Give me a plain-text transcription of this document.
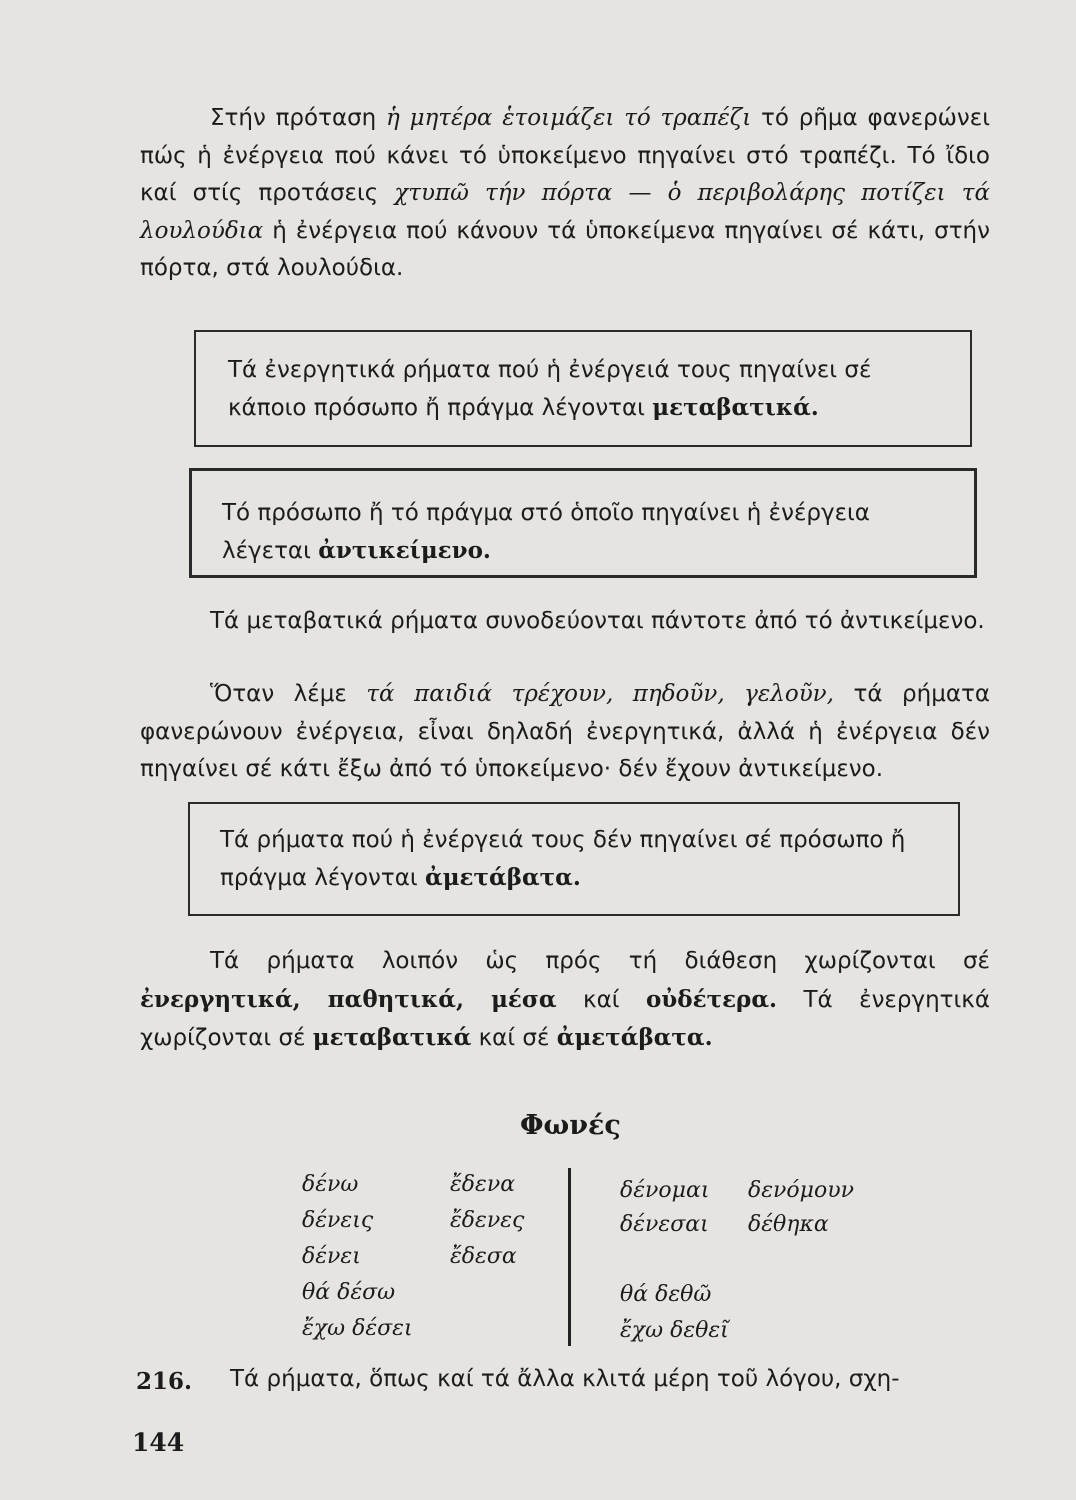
Στήν πρόταση ἡ μητέρα ἑτοιμάζει τό τραπέζι τό ρῆμα φανερώνει πώς ἡ ἐνέργεια πού κάνει τό ὑποκείμενο πηγαίνει στό τραπέζι. Τό ἴδιο καί στίς προτάσεις χτυπῶ τήν πόρτα — ὁ περιβολάρης ποτίζει τά λουλούδια ἡ ἐνέργεια πού κάνουν τά ὑποκείμενα πηγαίνει σέ κάτι, στήν πόρτα, στά λουλούδια.

Τά ἐνεργητικά ρήματα πού ἡ ἐνέργειά τους πηγαίνει σέ κάποιο πρόσωπο ἤ πράγμα λέγονται μεταβατικά.

Τό πρόσωπο ἤ τό πράγμα στό ὁποῖο πηγαίνει ἡ ἐνέργεια λέγεται ἀντικείμενο.

Τά μεταβατικά ρήματα συνοδεύονται πάντοτε ἀπό τό ἀντικείμενο.

Ὅταν λέμε τά παιδιά τρέχουν, πηδοῦν, γελοῦν, τά ρήματα φανερώνουν ἐνέργεια, εἶναι δηλαδή ἐνεργητικά, ἀλλά ἡ ἐνέργεια δέν πηγαίνει σέ κάτι ἔξω ἀπό τό ὑποκείμενο· δέν ἔχουν ἀντικείμενο.

Τά ρήματα πού ἡ ἐνέργειά τους δέν πηγαίνει σέ πρόσωπο ἤ πράγμα λέγονται ἀμετάβατα.

Τά ρήματα λοιπόν ὡς πρός τή διάθεση χωρίζονται σέ ἐνεργητικά, παθητικά, μέσα καί οὐδέτερα. Τά ἐνεργητικά χωρίζονται σέ μεταβατικά καί σέ ἀμετάβατα.

Φωνές
δένω
δένεις
δένει
θά δέσω
ἔχω δέσει
ἔδενα
ἔδενες
ἔδεσα
δένομαι
δένεσαι
θά δεθῶ
ἔχω δεθεῖ
δενόμουν
δέθηκα
216. Τά ρήματα, ὅπως καί τά ἄλλα κλιτά μέρη τοῦ λόγου, σχη-
144
